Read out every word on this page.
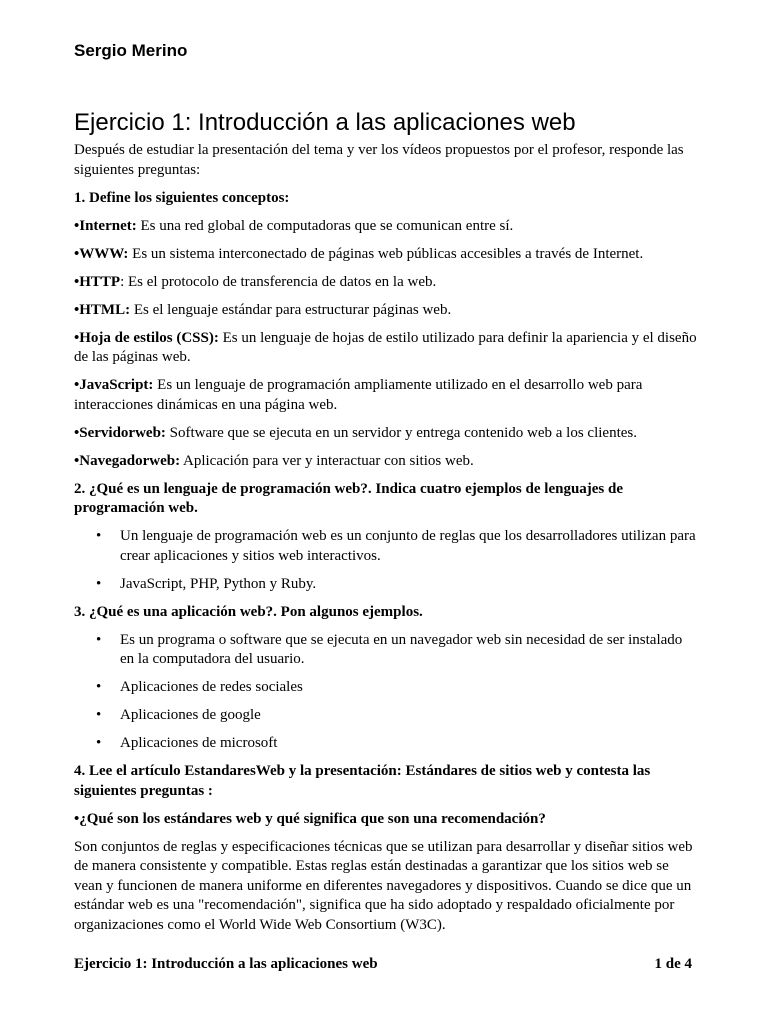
Sergio Merino
Ejercicio 1: Introducción a las aplicaciones web

Después de estudiar la presentación del tema y ver los vídeos propuestos por el profesor, responde las siguientes preguntas:

1. Define los siguientes conceptos:

•Internet: Es una red global de computadoras que se comunican entre sí.

•WWW: Es un sistema interconectado de páginas web públicas accesibles a través de Internet.

•HTTP: Es el protocolo de transferencia de datos en la web.

•HTML: Es el lenguaje estándar para estructurar páginas web.

•Hoja de estilos (CSS): Es un lenguaje de hojas de estilo utilizado para definir la apariencia y el diseño de las páginas web.

•JavaScript: Es un lenguaje de programación ampliamente utilizado en el desarrollo web para interacciones dinámicas en una página web.

•Servidorweb: Software que se ejecuta en un servidor y entrega contenido web a los clientes.

•Navegadorweb: Aplicación para ver y interactuar con sitios web.

2. ¿Qué es un lenguaje de programación web?. Indica cuatro ejemplos de lenguajes de programación web.

• Un lenguaje de programación web es un conjunto de reglas que los desarrolladores utilizan para crear aplicaciones y sitios web interactivos.
• JavaScript, PHP, Python y Ruby.

3. ¿Qué es una aplicación web?. Pon algunos ejemplos.

• Es un programa o software que se ejecuta en un navegador web sin necesidad de ser instalado en la computadora del usuario.
• Aplicaciones de redes sociales
• Aplicaciones de google
• Aplicaciones de microsoft

4. Lee el artículo EstandaresWeb y la presentación: Estándares de sitios web y contesta las siguientes preguntas :

•¿Qué son los estándares web y qué significa que son una recomendación?

Son conjuntos de reglas y especificaciones técnicas que se utilizan para desarrollar y diseñar sitios web de manera consistente y compatible. Estas reglas están destinadas a garantizar que los sitios web se vean y funcionen de manera uniforme en diferentes navegadores y dispositivos. Cuando se dice que un estándar web es una "recomendación", significa que ha sido adoptado y respaldado oficialmente por organizaciones como el World Wide Web Consortium (W3C).

Ejercicio 1: Introducción a las aplicaciones web	1 de 4
